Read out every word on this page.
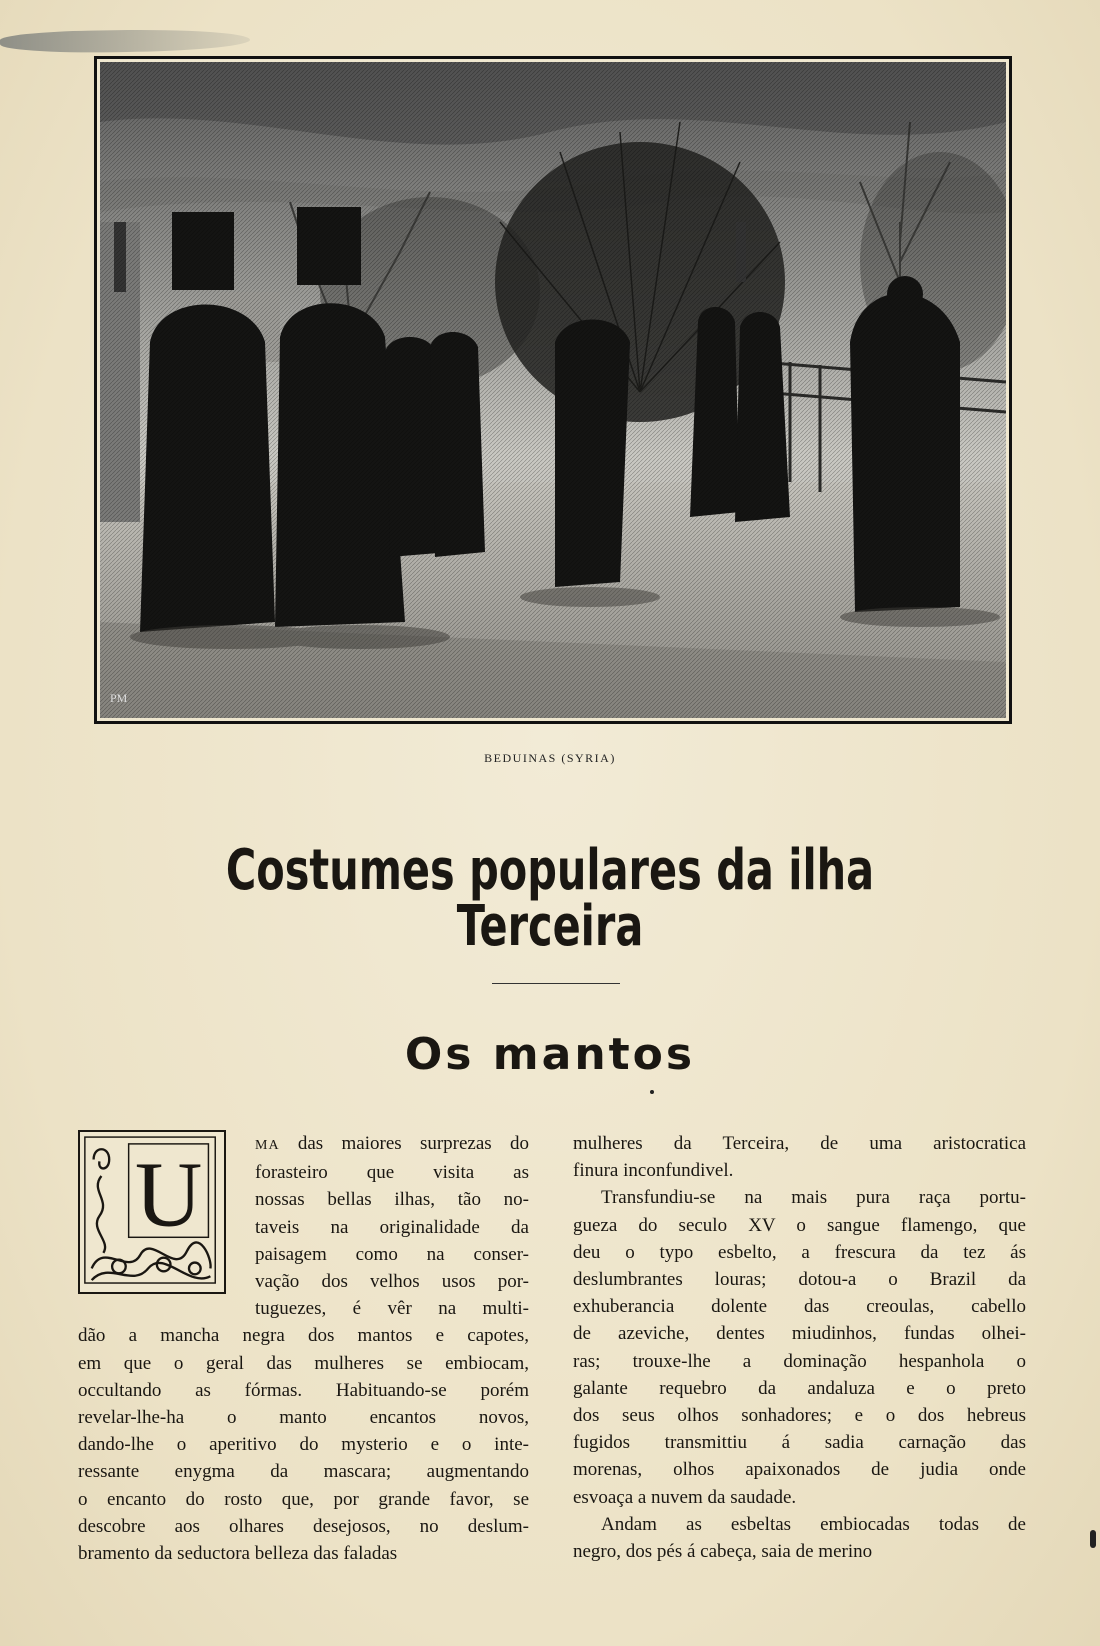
PM
BEDUINAS (SYRIA)
Costumes populares da ilha Terceira
Os mantos
U	MA das maiores surprezas do
forasteiro que visita as
nossas bellas ilhas, tão no-
taveis na originalidade da
paisagem como na conser-
vação dos velhos usos por-
tuguezes, é vêr na multi-
dão a mancha negra dos mantos e capotes,
em que o geral das mulheres se embiocam,
occultando as fórmas. Habituando-se porém
revelar-lhe-ha o manto encantos novos,
dando-lhe o aperitivo do mysterio e o inte-
ressante enygma da mascara; augmentando
o encanto do rosto que, por grande favor, se
descobre aos olhares desejosos, no deslum-
bramento da seductora belleza das faladas
mulheres da Terceira, de uma aristocratica
finura inconfundivel.
Transfundiu-se na mais pura raça portu-
gueza do seculo XV o sangue flamengo, que
deu o typo esbelto, a frescura da tez ás
deslumbrantes louras; dotou-a o Brazil da
exhuberancia dolente das creoulas, cabello
de azeviche, dentes miudinhos, fundas olhei-
ras; trouxe-lhe a dominação hespanhola o
galante requebro da andaluza e o preto
dos seus olhos sonhadores; e o dos hebreus
fugidos transmittiu á sadia carnação das
morenas, olhos apaixonados de judia onde
esvoaça a nuvem da saudade.
Andam as esbeltas embiocadas todas de
negro, dos pés á cabeça, saia de merino
